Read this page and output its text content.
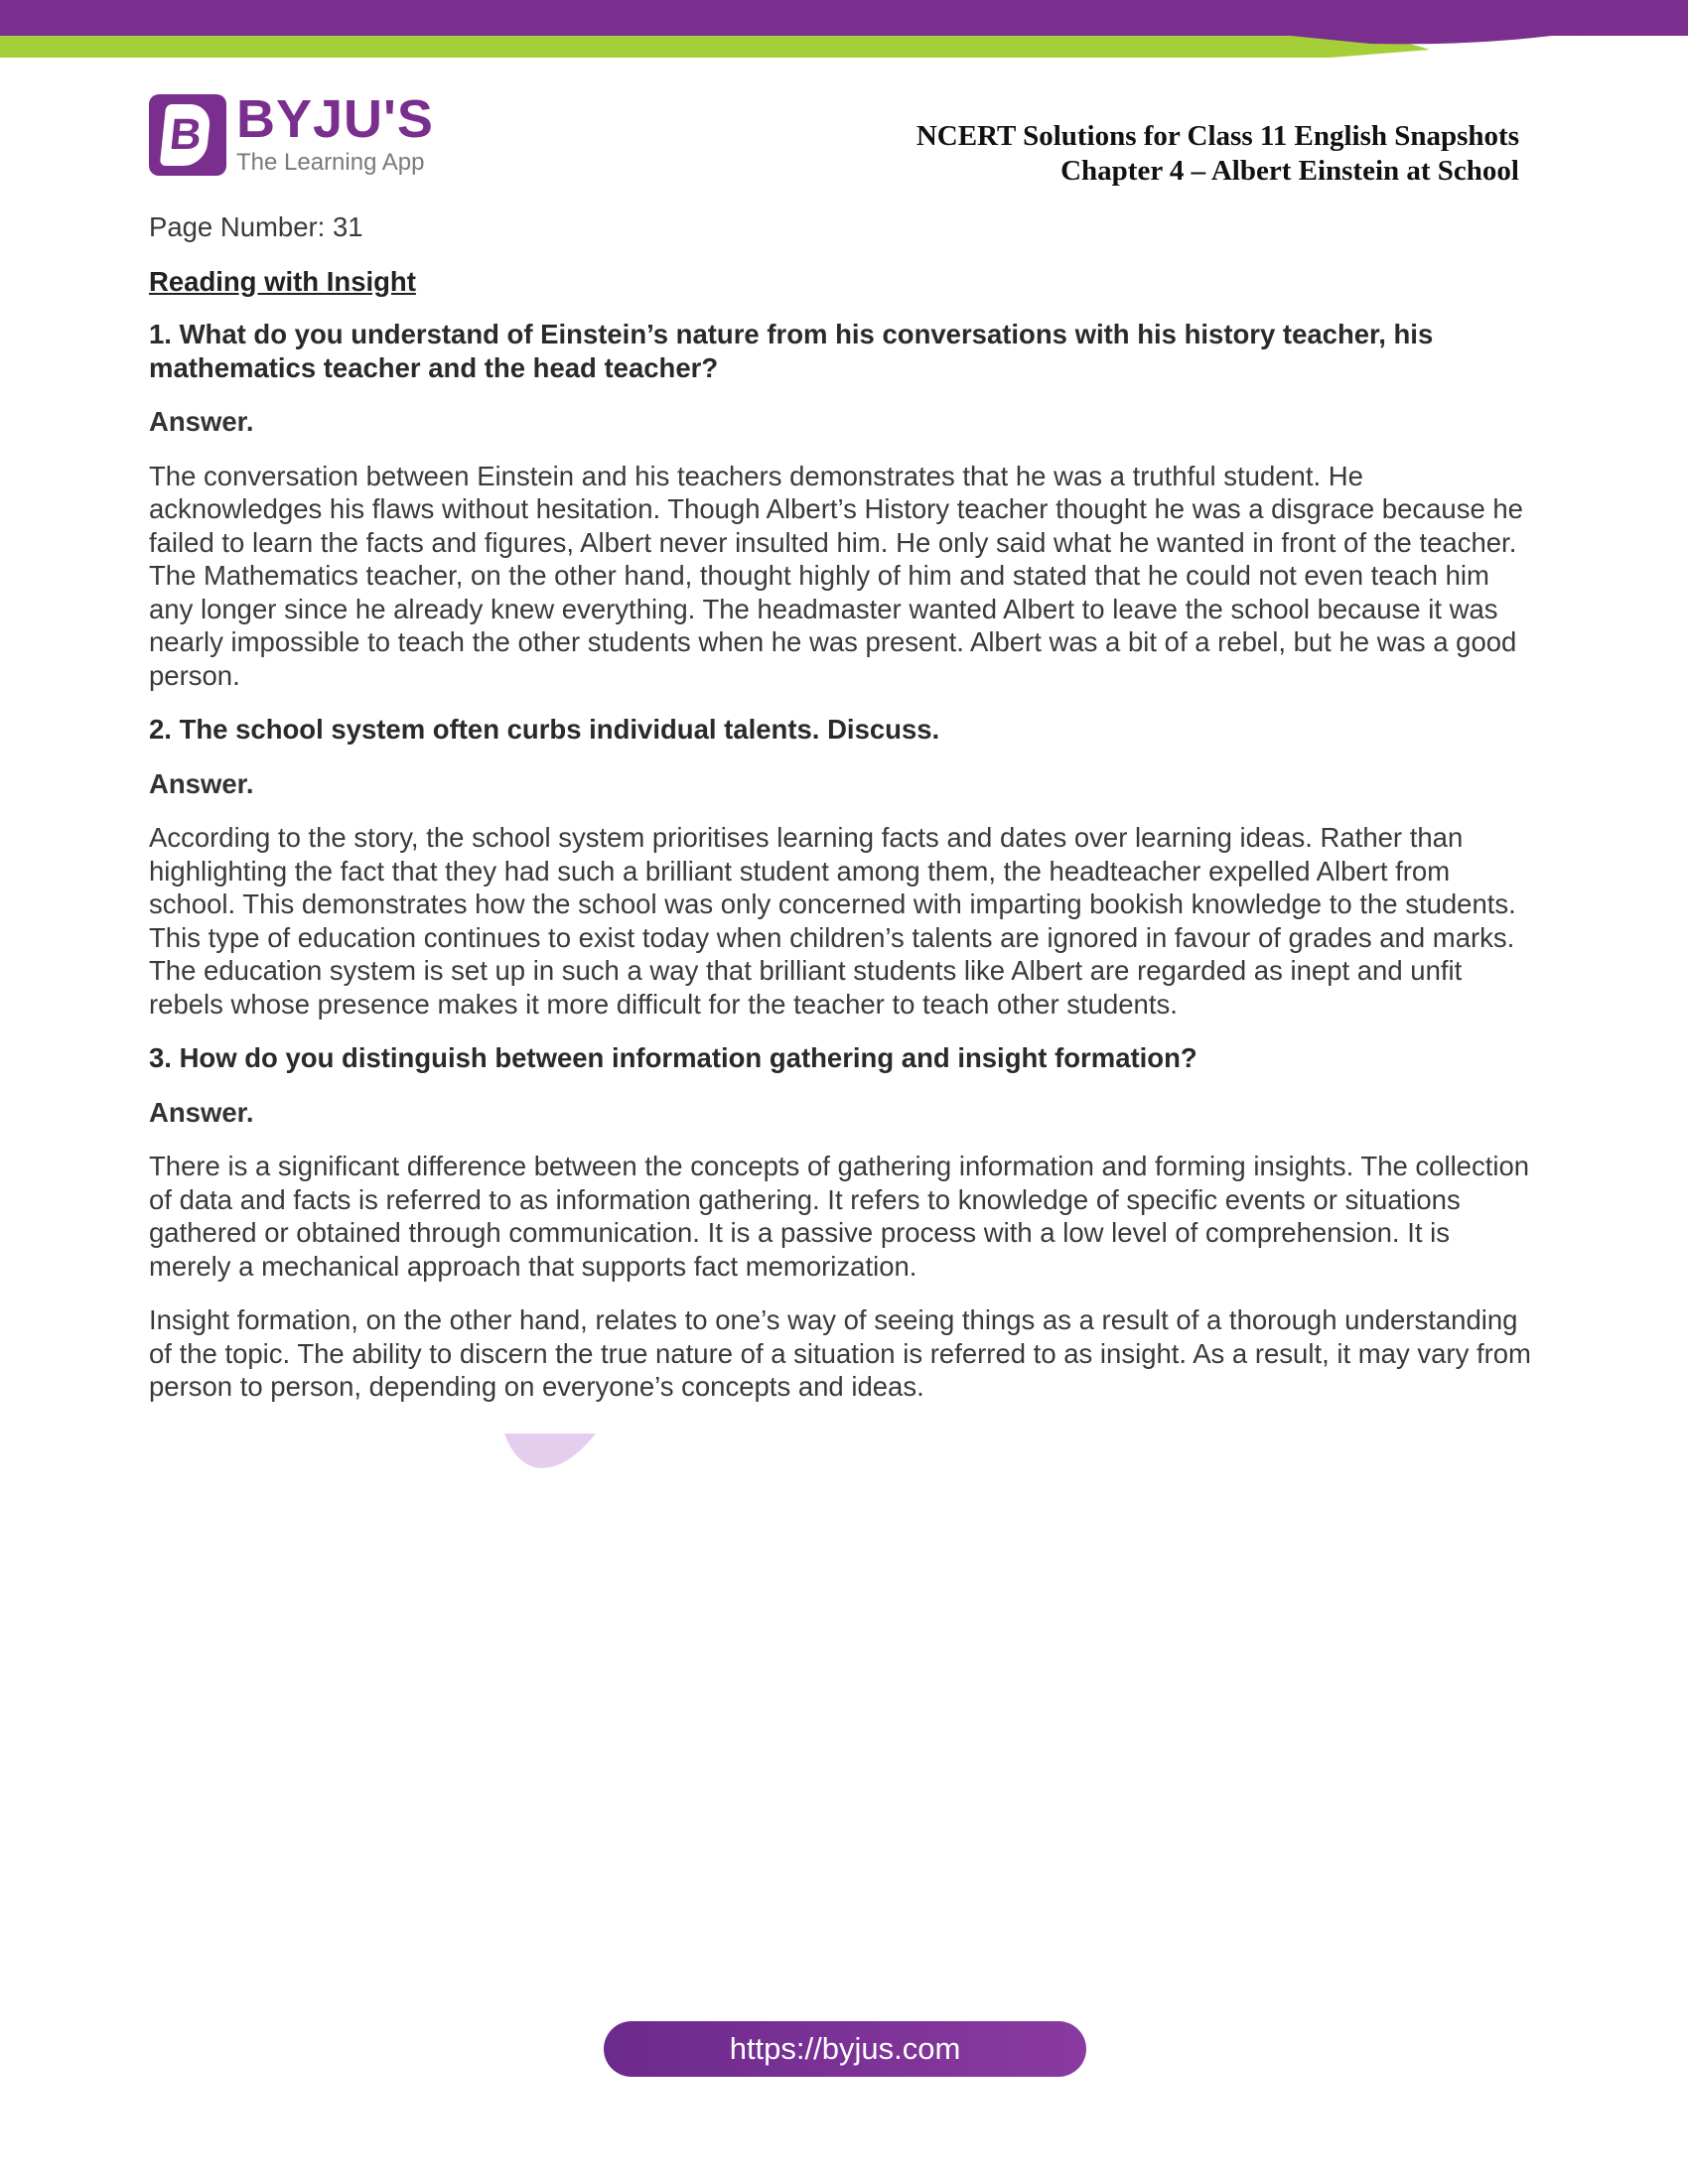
B BYJU'S
The Learning App
NCERT Solutions for Class 11 English Snapshots
Chapter 4 – Albert Einstein at School

Page Number: 31

Reading with Insight

1. What do you understand of Einstein’s nature from his conversations with his history teacher, his mathematics teacher and the head teacher?

Answer.

The conversation between Einstein and his teachers demonstrates that he was a truthful student. He acknowledges his flaws without hesitation. Though Albert’s History teacher thought he was a disgrace because he failed to learn the facts and figures, Albert never insulted him. He only said what he wanted in front of the teacher. The Mathematics teacher, on the other hand, thought highly of him and stated that he could not even teach him any longer since he already knew everything. The headmaster wanted Albert to leave the school because it was nearly impossible to teach the other students when he was present. Albert was a bit of a rebel, but he was a good person.

2. The school system often curbs individual talents. Discuss.

Answer.

According to the story, the school system prioritises learning facts and dates over learning ideas. Rather than highlighting the fact that they had such a brilliant student among them, the headteacher expelled Albert from school. This demonstrates how the school was only concerned with imparting bookish knowledge to the students. This type of education continues to exist today when children’s talents are ignored in favour of grades and marks. The education system is set up in such a way that brilliant students like Albert are regarded as inept and unfit rebels whose presence makes it more difficult for the teacher to teach other students.

3. How do you distinguish between information gathering and insight formation?

Answer.

There is a significant difference between the concepts of gathering information and forming insights. The collection of data and facts is referred to as information gathering. It refers to knowledge of specific events or situations gathered or obtained through communication. It is a passive process with a low level of comprehension. It is merely a mechanical approach that supports fact memorization.

Insight formation, on the other hand, relates to one’s way of seeing things as a result of a thorough understanding of the topic. The ability to discern the true nature of a situation is referred to as insight. As a result, it may vary from person to person, depending on everyone’s concepts and ideas.

https://byjus.com
